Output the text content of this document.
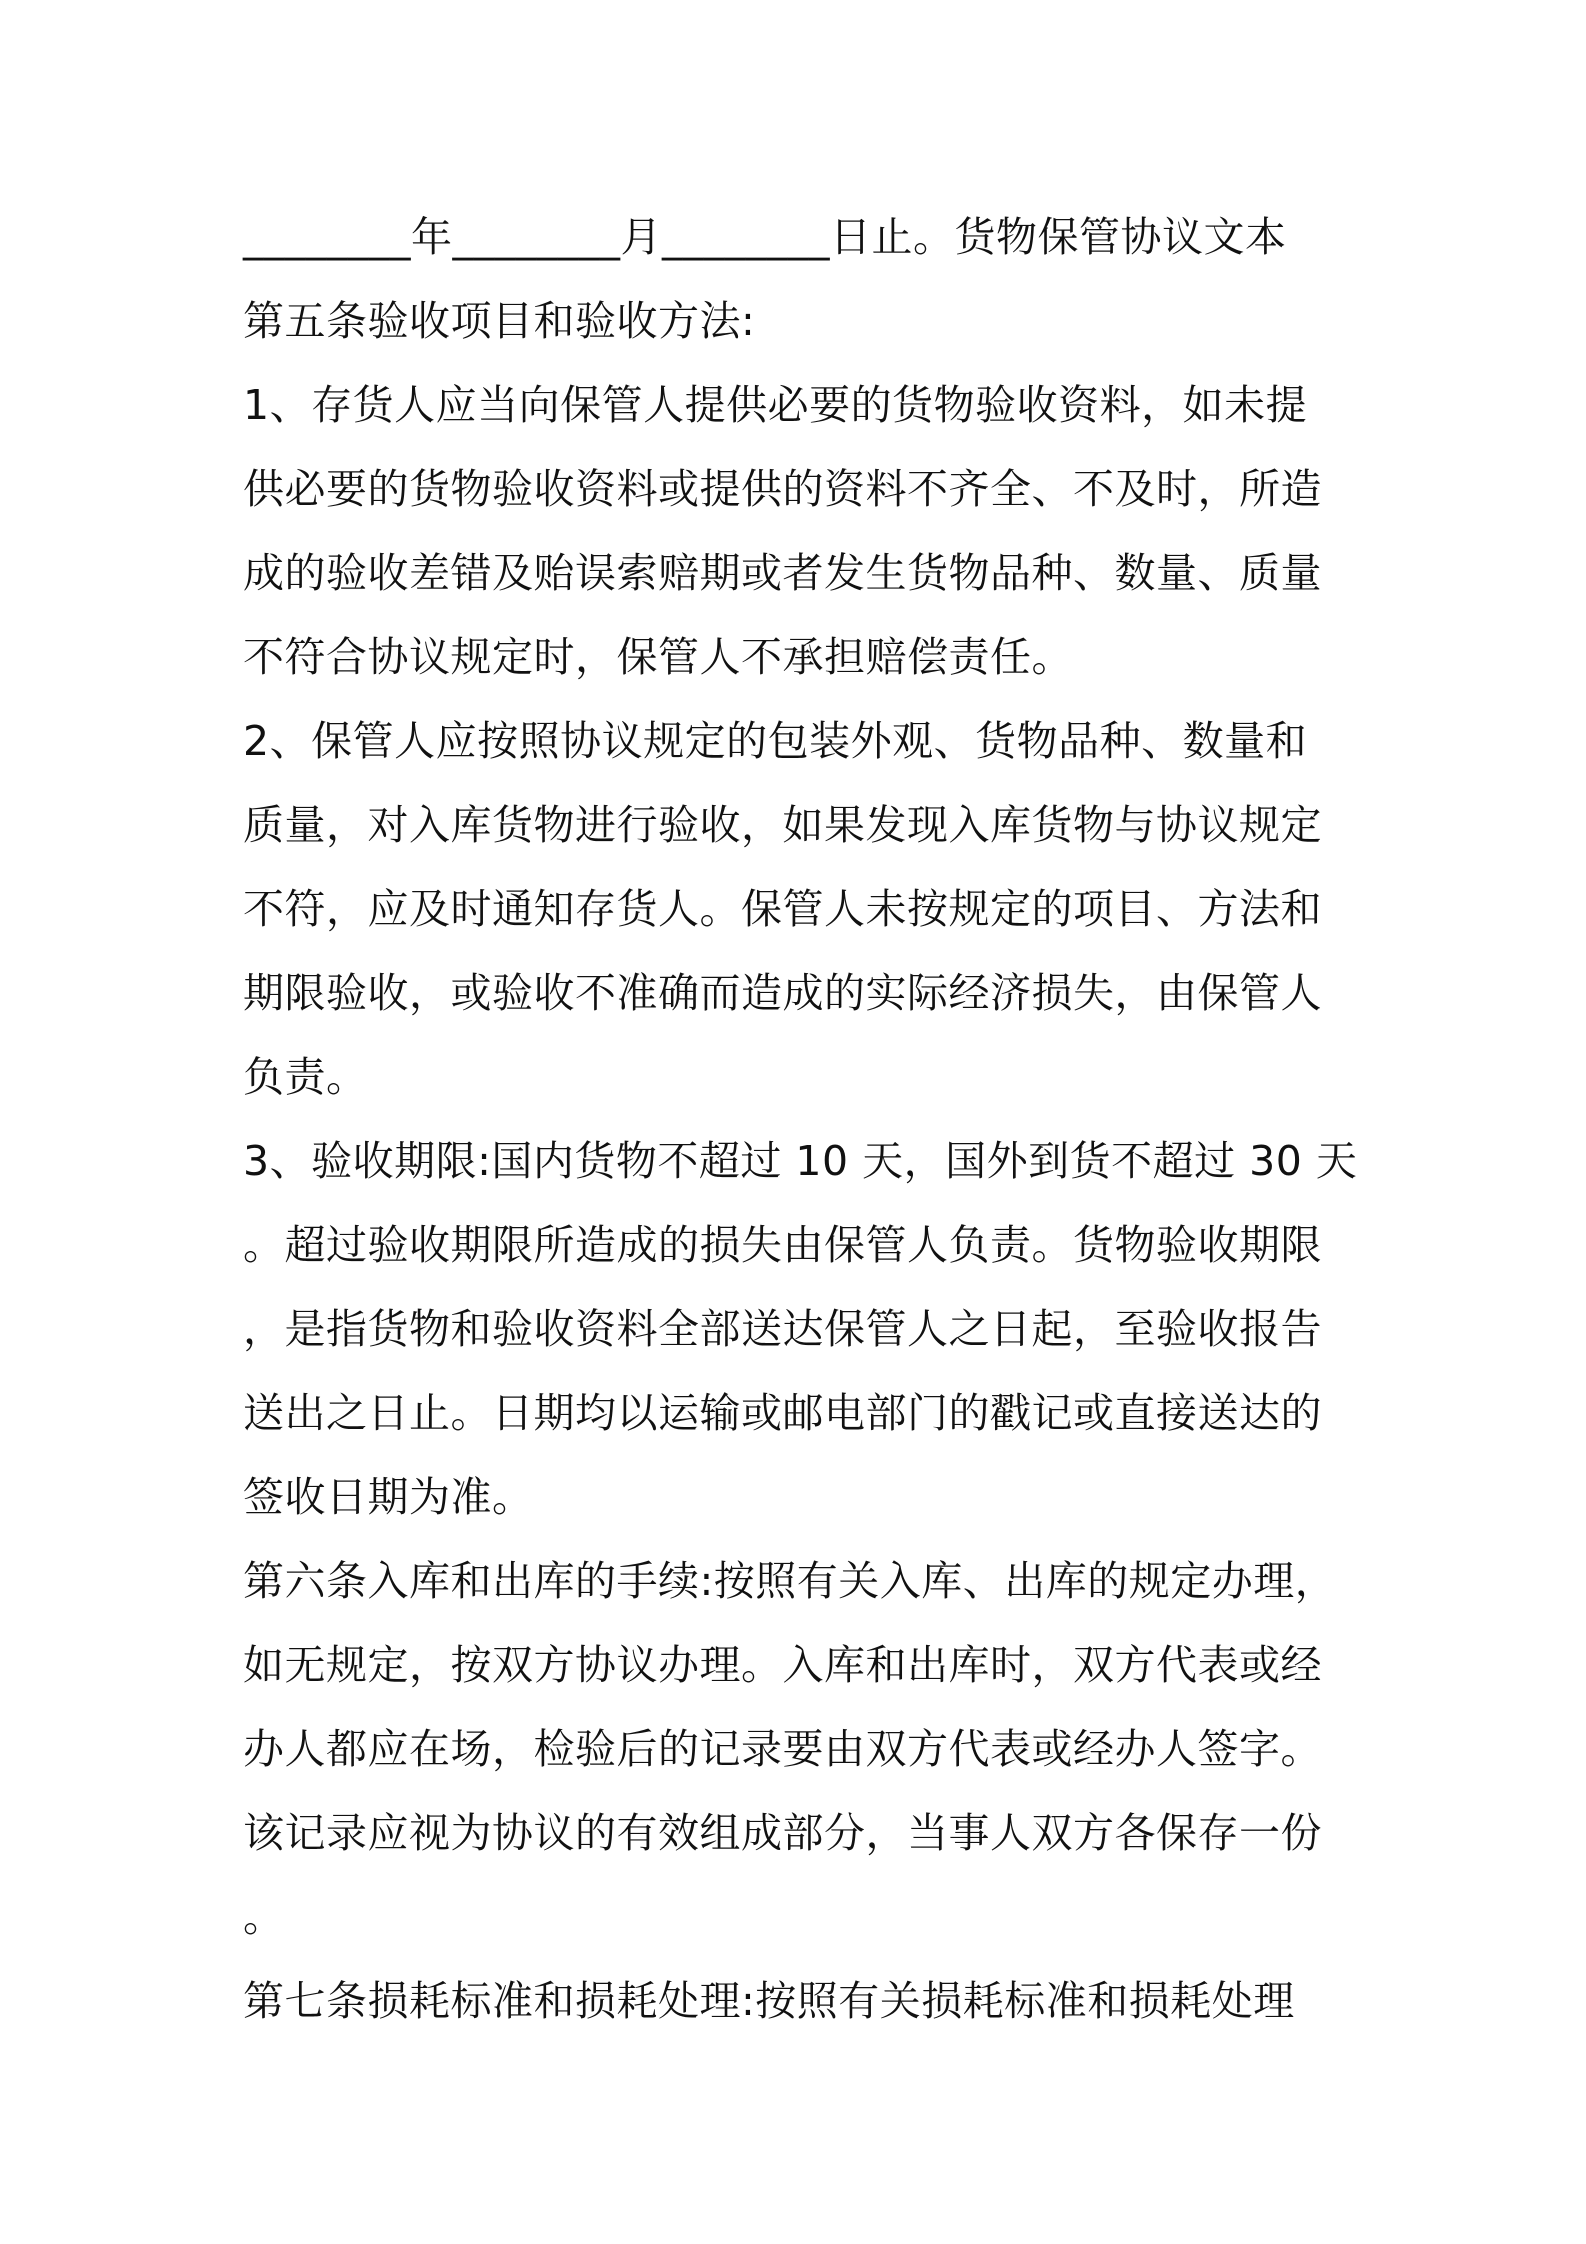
________年________月________日止。货物保管协议文本
第五条验收项目和验收方法:
1、存货人应当向保管人提供必要的货物验收资料，如未提
供必要的货物验收资料或提供的资料不齐全、不及时，所造
成的验收差错及贻误索赔期或者发生货物品种、数量、质量
不符合协议规定时，保管人不承担赔偿责任。
2、保管人应按照协议规定的包装外观、货物品种、数量和
质量，对入库货物进行验收，如果发现入库货物与协议规定
不符，应及时通知存货人。保管人未按规定的项目、方法和
期限验收，或验收不准确而造成的实际经济损失，由保管人
负责。
3、验收期限:国内货物不超过 10 天，国外到货不超过 30 天
。超过验收期限所造成的损失由保管人负责。货物验收期限
，是指货物和验收资料全部送达保管人之日起，至验收报告
送出之日止。日期均以运输或邮电部门的戳记或直接送达的
签收日期为准。
第六条入库和出库的手续:按照有关入库、出库的规定办理，
如无规定，按双方协议办理。入库和出库时，双方代表或经
办人都应在场，检验后的记录要由双方代表或经办人签字。
该记录应视为协议的有效组成部分，当事人双方各保存一份
。
第七条损耗标准和损耗处理:按照有关损耗标准和损耗处理
